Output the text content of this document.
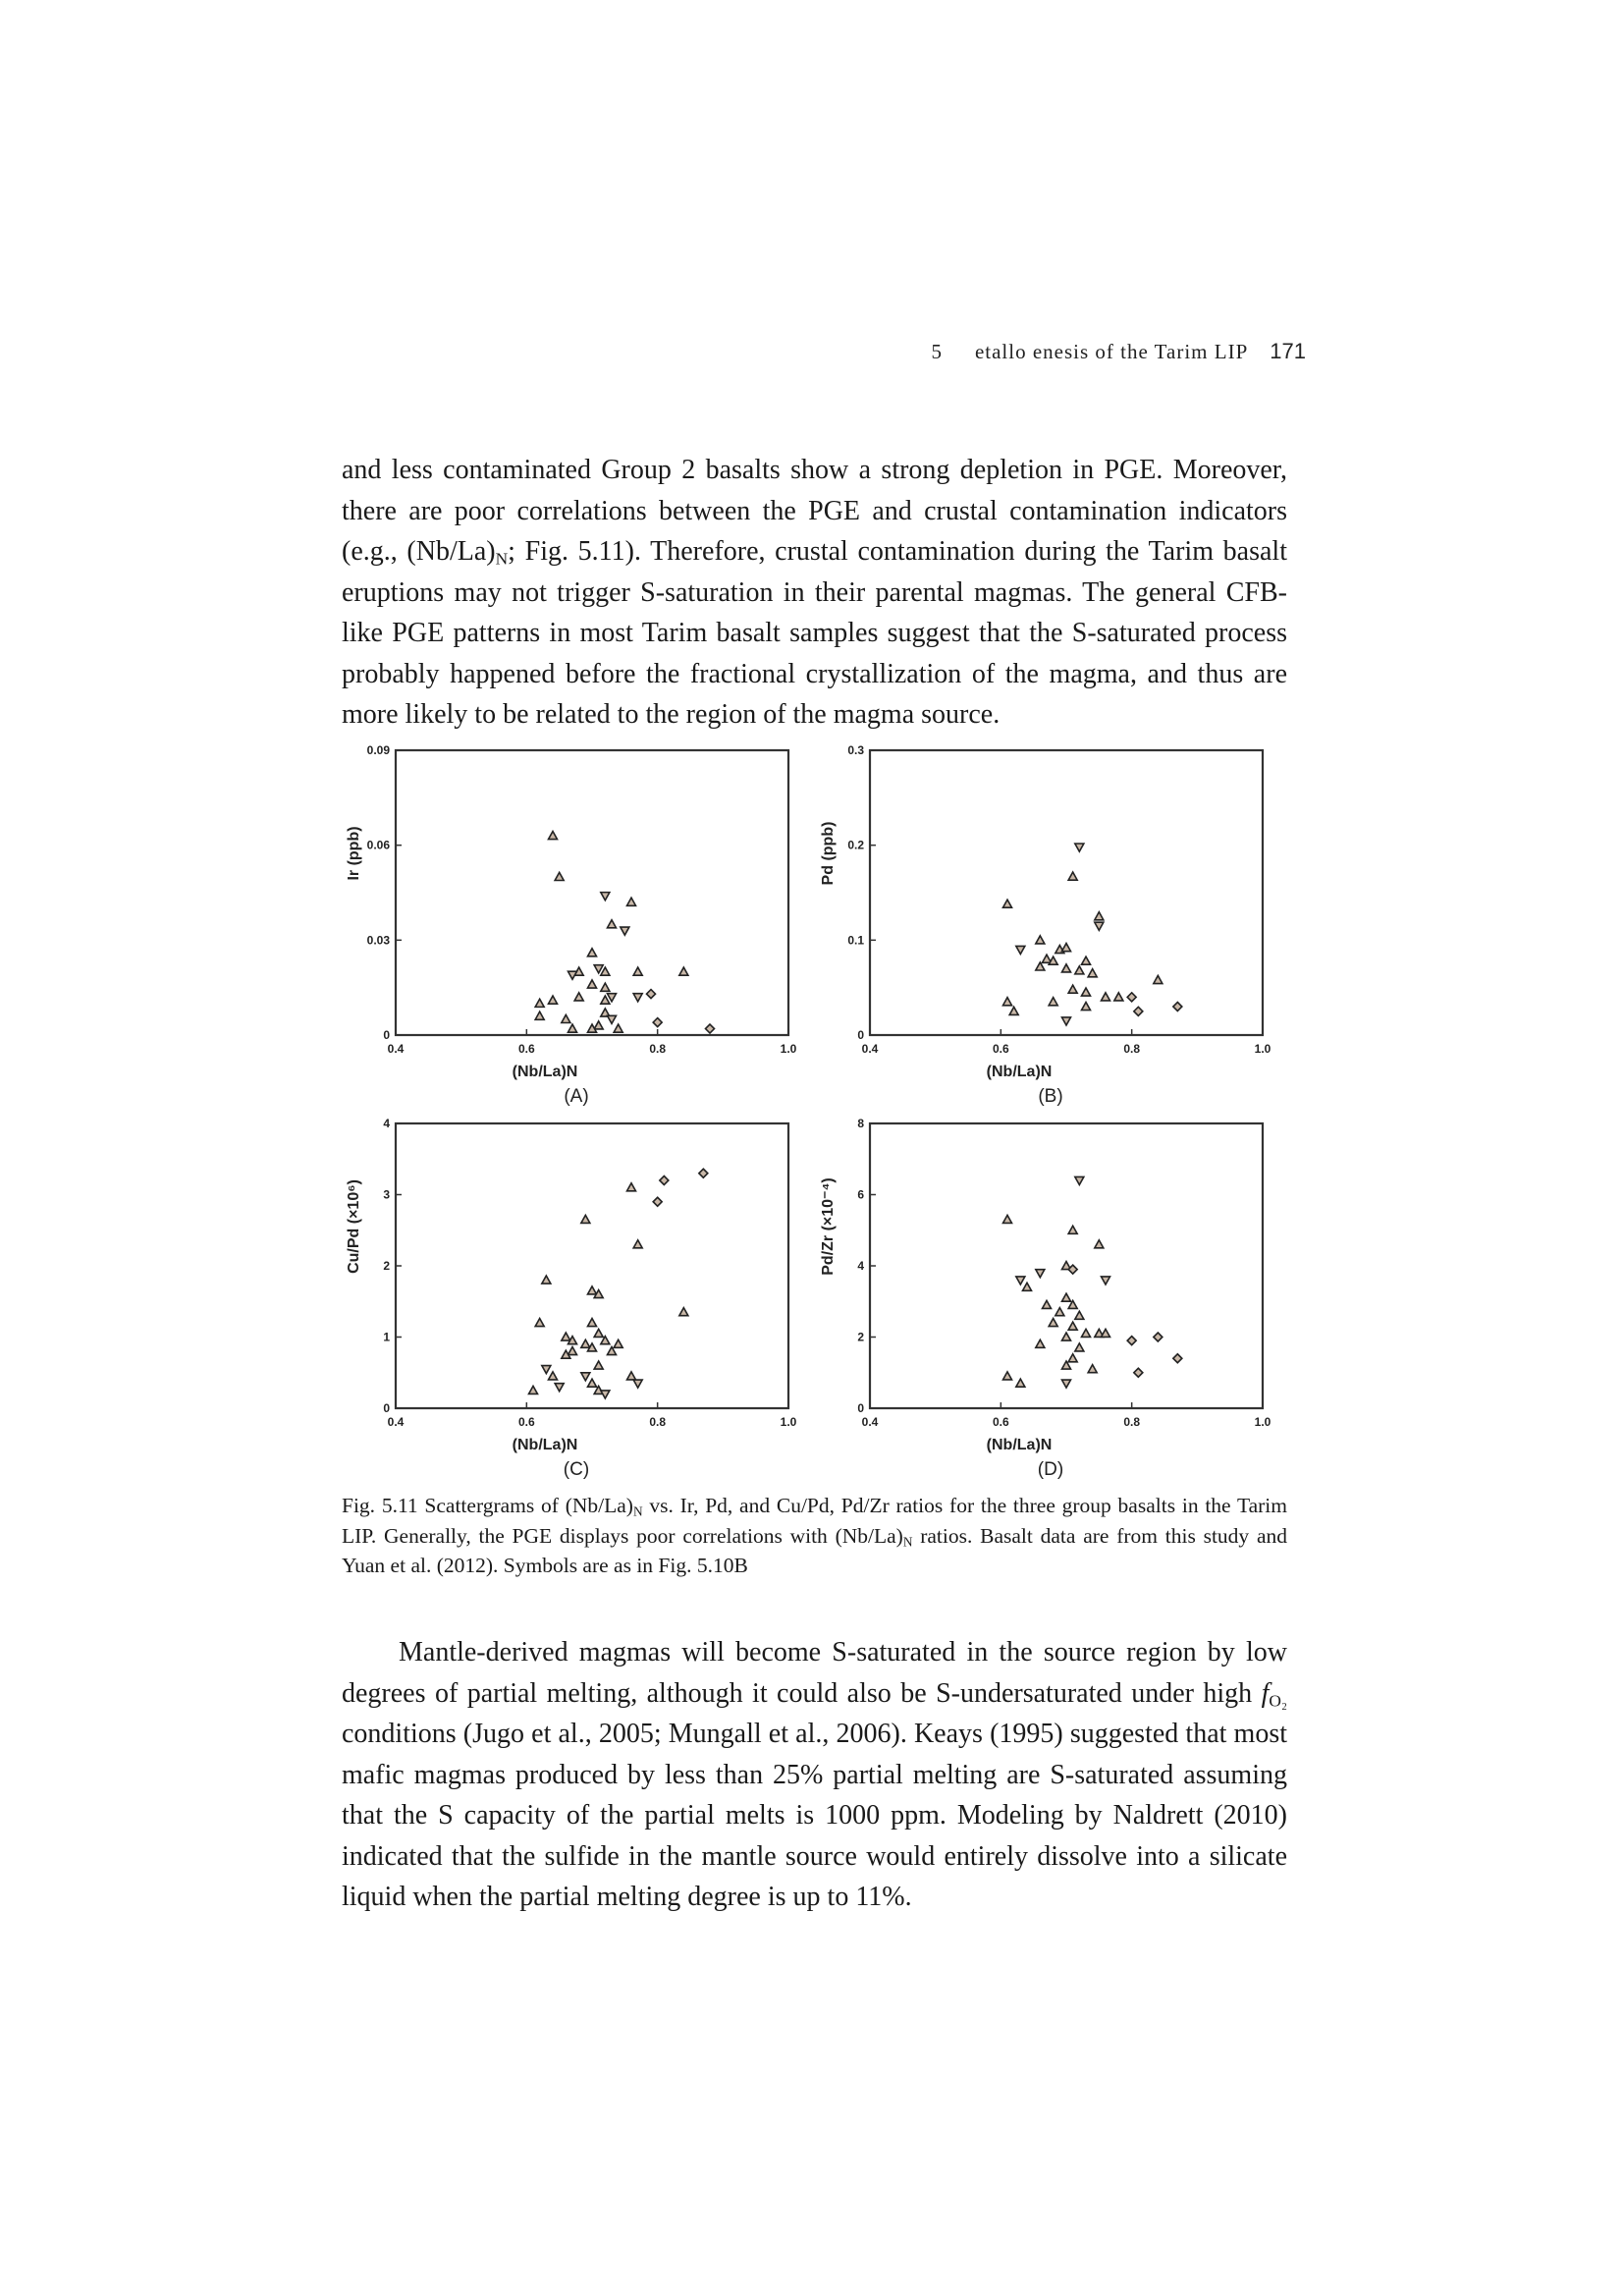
5 etallo enesis of the Tarim LIP 171

and less contaminated Group 2 basalts show a strong depletion in PGE. Moreover, there are poor correlations between the PGE and crustal contamination indicators (e.g., $(Nb/La)_N$; Fig. 5.11). Therefore, crustal contamination during the Tarim basalt eruptions may not trigger S-saturation in their parental magmas. The general CFB-like PGE patterns in most Tarim basalt samples suggest that the S-saturated process probably happened before the fractional crystallization of the magma, and thus are more likely to be related to the region of the magma source.

0.4	0.6	0.8	1.0
0
0.03
0.06
0.09
(Nb/La)N
Ir (ppb)
(A)
0.4	0.6	0.8	1.0
0
0.1
0.2
0.3
(Nb/La)N
Pd (ppb)
(B)
0.4	0.6	0.8	1.0
0
1
2
3
4
(Nb/La)N
Cu/Pd (×10⁶)
(C)
0.4	0.6	0.8	1.0
0
2
4
6
8
(Nb/La)N
Pd/Zr (×10⁻⁴)
(D)

Fig. 5.11 Scattergrams of $(Nb/La)_N$ vs. Ir, Pd, and Cu/Pd, Pd/Zr ratios for the three group basalts in the Tarim LIP. Generally, the PGE displays poor correlations with $(Nb/La)_N$ ratios. Basalt data are from this study and Yuan et al. (2012). Symbols are as in Fig. 5.10B

Mantle-derived magmas will become S-saturated in the source region by low degrees of partial melting, although it could also be S-undersaturated under high $f_{O_2}$ conditions (Jugo et al., 2005; Mungall et al., 2006). Keays (1995) suggested that most mafic magmas produced by less than 25% partial melting are S-saturated assuming that the S capacity of the partial melts is 1000 ppm. Modeling by Naldrett (2010) indicated that the sulfide in the mantle source would entirely dissolve into a silicate liquid when the partial melting degree is up to 11%.
